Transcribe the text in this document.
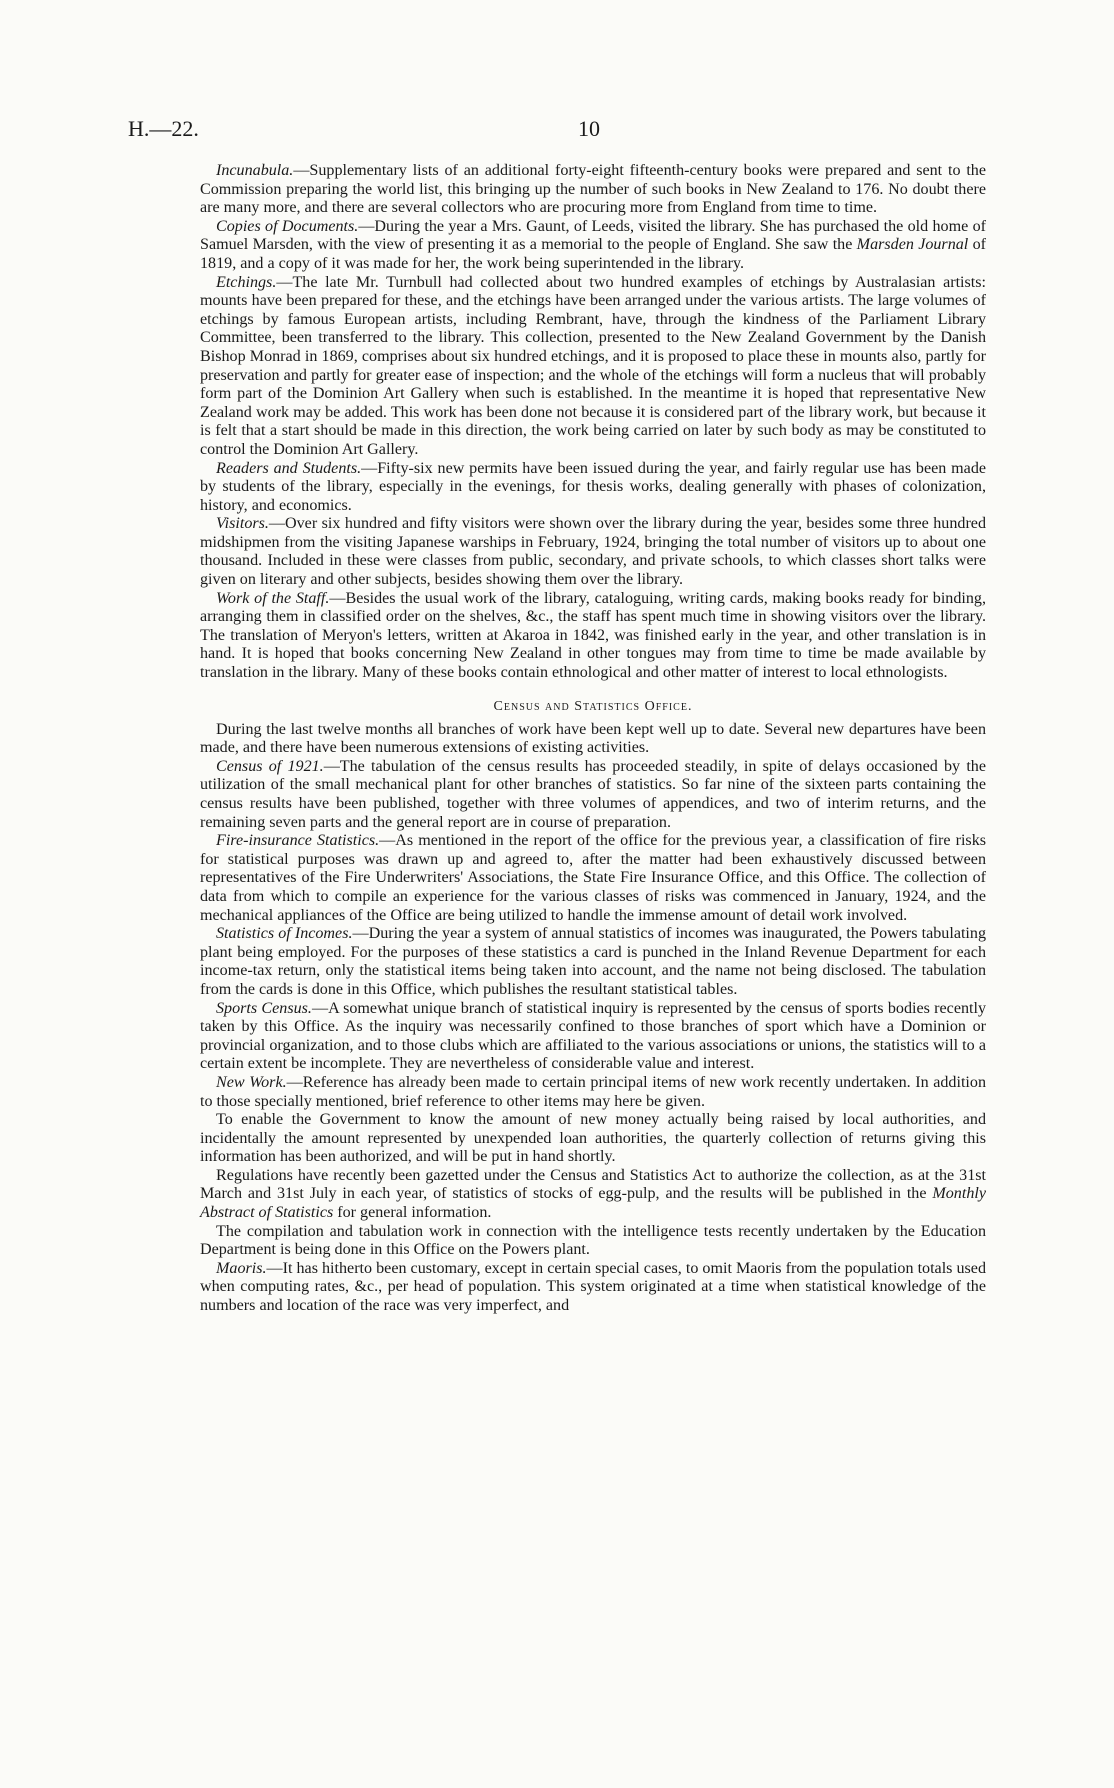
H.—22.	10

Incunabula.—Supplementary lists of an additional forty-eight fifteenth-century books were prepared and sent to the Commission preparing the world list, this bringing up the number of such books in New Zealand to 176. No doubt there are many more, and there are several collectors who are procuring more from England from time to time.

Copies of Documents.—During the year a Mrs. Gaunt, of Leeds, visited the library. She has purchased the old home of Samuel Marsden, with the view of presenting it as a memorial to the people of England. She saw the Marsden Journal of 1819, and a copy of it was made for her, the work being superintended in the library.

Etchings.—The late Mr. Turnbull had collected about two hundred examples of etchings by Australasian artists: mounts have been prepared for these, and the etchings have been arranged under the various artists. The large volumes of etchings by famous European artists, including Rembrant, have, through the kindness of the Parliament Library Committee, been transferred to the library. This collection, presented to the New Zealand Government by the Danish Bishop Monrad in 1869, comprises about six hundred etchings, and it is proposed to place these in mounts also, partly for preservation and partly for greater ease of inspection; and the whole of the etchings will form a nucleus that will probably form part of the Dominion Art Gallery when such is established. In the meantime it is hoped that representative New Zealand work may be added. This work has been done not because it is considered part of the library work, but because it is felt that a start should be made in this direction, the work being carried on later by such body as may be constituted to control the Dominion Art Gallery.

Readers and Students.—Fifty-six new permits have been issued during the year, and fairly regular use has been made by students of the library, especially in the evenings, for thesis works, dealing generally with phases of colonization, history, and economics.

Visitors.—Over six hundred and fifty visitors were shown over the library during the year, besides some three hundred midshipmen from the visiting Japanese warships in February, 1924, bringing the total number of visitors up to about one thousand. Included in these were classes from public, secondary, and private schools, to which classes short talks were given on literary and other subjects, besides showing them over the library.

Work of the Staff.—Besides the usual work of the library, cataloguing, writing cards, making books ready for binding, arranging them in classified order on the shelves, &c., the staff has spent much time in showing visitors over the library. The translation of Meryon's letters, written at Akaroa in 1842, was finished early in the year, and other translation is in hand. It is hoped that books concerning New Zealand in other tongues may from time to time be made available by translation in the library. Many of these books contain ethnological and other matter of interest to local ethnologists.

Census and Statistics Office.

During the last twelve months all branches of work have been kept well up to date. Several new departures have been made, and there have been numerous extensions of existing activities.

Census of 1921.—The tabulation of the census results has proceeded steadily, in spite of delays occasioned by the utilization of the small mechanical plant for other branches of statistics. So far nine of the sixteen parts containing the census results have been published, together with three volumes of appendices, and two of interim returns, and the remaining seven parts and the general report are in course of preparation.

Fire-insurance Statistics.—As mentioned in the report of the office for the previous year, a classification of fire risks for statistical purposes was drawn up and agreed to, after the matter had been exhaustively discussed between representatives of the Fire Underwriters' Associations, the State Fire Insurance Office, and this Office. The collection of data from which to compile an experience for the various classes of risks was commenced in January, 1924, and the mechanical appliances of the Office are being utilized to handle the immense amount of detail work involved.

Statistics of Incomes.—During the year a system of annual statistics of incomes was inaugurated, the Powers tabulating plant being employed. For the purposes of these statistics a card is punched in the Inland Revenue Department for each income-tax return, only the statistical items being taken into account, and the name not being disclosed. The tabulation from the cards is done in this Office, which publishes the resultant statistical tables.

Sports Census.—A somewhat unique branch of statistical inquiry is represented by the census of sports bodies recently taken by this Office. As the inquiry was necessarily confined to those branches of sport which have a Dominion or provincial organization, and to those clubs which are affiliated to the various associations or unions, the statistics will to a certain extent be incomplete. They are nevertheless of considerable value and interest.

New Work.—Reference has already been made to certain principal items of new work recently undertaken. In addition to those specially mentioned, brief reference to other items may here be given.

To enable the Government to know the amount of new money actually being raised by local authorities, and incidentally the amount represented by unexpended loan authorities, the quarterly collection of returns giving this information has been authorized, and will be put in hand shortly.

Regulations have recently been gazetted under the Census and Statistics Act to authorize the collection, as at the 31st March and 31st July in each year, of statistics of stocks of egg-pulp, and the results will be published in the Monthly Abstract of Statistics for general information.

The compilation and tabulation work in connection with the intelligence tests recently undertaken by the Education Department is being done in this Office on the Powers plant.

Maoris.—It has hitherto been customary, except in certain special cases, to omit Maoris from the population totals used when computing rates, &c., per head of population. This system originated at a time when statistical knowledge of the numbers and location of the race was very imperfect, and
